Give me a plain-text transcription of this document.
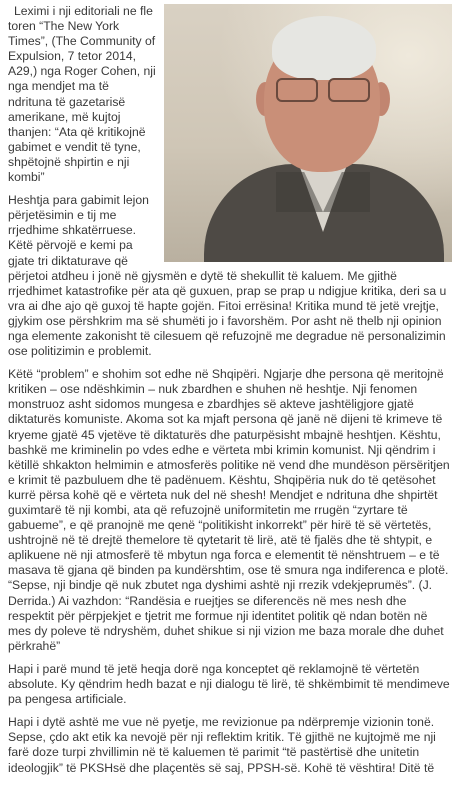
Leximi i nji editoriali ne fle toren “The New York Times”, (The Community of Expulsion, 7 tetor 2014, A29,) nga Roger Cohen, nji nga mendjet ma të ndrituna të gazetarisë amerikane, më kujtoj thanjen: “Ata që kritikojnë gabimet e vendit të tyne, shpëtojnë shpirtin e nji kombi”

Heshtja para gabimit lejon përjetësimin e tij me rrjedhime shkatërruese. Këtë përvojë e kemi pa gjate tri diktaturave që përjetoi atdheu i jonë në gjysmën e dytë të shekullit të kaluem. Me gjithë rrjedhimet katastrofike për ata që guxuen, prap se prap u ndigjue kritika, deri sa u vra ai dhe ajo që guxoj të hapte gojën. Fitoi errësina! Kritika mund të jetë vrejtje, gjykim ose përshkrim ma së shumëti jo i favorshëm. Por asht në thelb nji opinion nga elemente zakonisht të cilesuem që refuzojnë me degradue në personalizimin ose politizimin e problemit.

Këtë “problem” e shohim sot edhe në Shqipëri. Ngjarje dhe persona që meritojnë kritiken – ose ndëshkimin – nuk zbardhen e shuhen në heshtje. Nji fenomen monstruoz asht sidomos mungesa e zbardhjes së akteve jashtëligjore gjatë diktaturës komuniste. Akoma sot ka mjaft persona që janë në dijeni të krimeve të kryeme gjatë 45 vjetëve të diktaturës dhe paturpësisht mbajnë heshtjen. Kështu, bashkë me kriminelin po vdes edhe e vërteta mbi krimin komunist. Nji qëndrim i këtillë shkakton helmimin e atmosferës politike në vend dhe mundëson përsëritjen e krimit të pazbuluem dhe të padënuem. Kështu, Shqipëria nuk do të qetësohet kurrë përsa kohë që e vërteta nuk del në shesh! Mendjet e ndrituna dhe shpirtët guximtarë të nji kombi, ata që refuzojnë uniformitetin me rrugën “zyrtare të gabueme”, e që pranojnë me qenë “politikisht inkorrekt” për hirë të së vërtetës, ushtrojnë në të drejtë themelore të qytetarit të lirë, atë të fjalës dhe të shtypit, e aplikuene në nji atmosferë të mbytun nga forca e elementit të nënshtruem – e të masava të gjana që binden pa kundërshtim, ose të smura nga indiferenca e plotë. “Sepse, nji bindje që nuk zbutet nga dyshimi ashtë nji rrezik vdekjeprumës”. (J. Derrida.) Ai vazhdon: “Randësia e ruejtjes se diferencës në mes nesh dhe respektit për përpjekjet e tjetrit me formue nji identitet politik që ndan botën në mes dy poleve të ndryshëm, duhet shikue si nji vizion me baza morale dhe duhet përkrahë”

Hapi i parë mund të jetë heqja dorë nga konceptet që reklamojnë të vërtetën absolute. Ky qëndrim hedh bazat e nji dialogu të lirë, të shkëmbimit të mendimeve pa pengesa artificiale.

Hapi i dytë ashtë me vue në pyetje, me revizionue pa ndërpremje vizionin tonë. Sepse, çdo akt etik ka nevojë për nji reflektim kritik. Të gjithë ne kujtojmë me nji farë doze turpi zhvillimin në të kaluemen të parimit “të pastërtisë dhe unitetin ideologjik” të PKSHsë dhe plaçentës së saj, PPSH-së. Kohë të vështira! Ditë të
